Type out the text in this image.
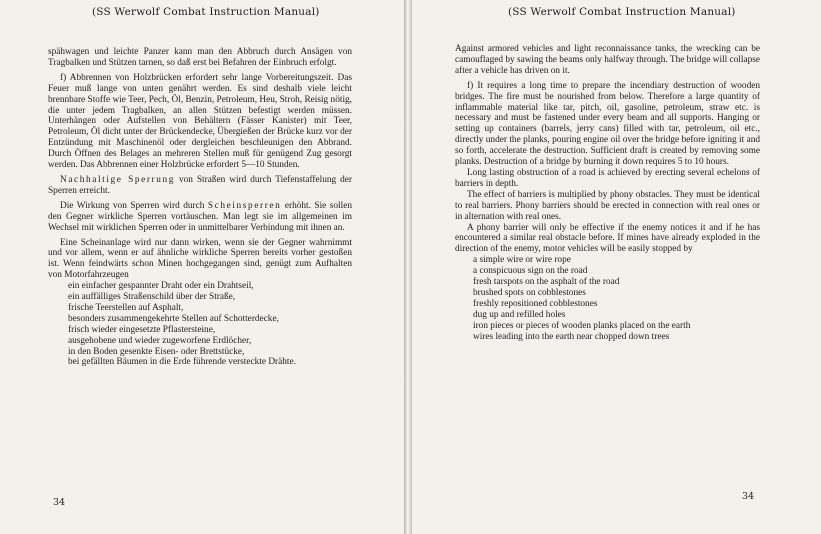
(SS Werwolf Combat Instruction Manual)

spähwagen und leichte Panzer kann man den Abbruch durch Ansägen von Tragbalken und Stützen tarnen, so daß erst bei Befahren der Einbruch erfolgt.

f) Abbrennen von Holzbrücken erfordert sehr lange Vorbereitungszeit. Das Feuer muß lange von unten genährt werden. Es sind deshalb viele leicht brennbare Stoffe wie Teer, Pech, Öl, Benzin, Petroleum, Heu, Stroh, Reisig nötig, die unter jedem Tragbalken, an allen Stützen befestigt werden müssen. Unterhängen oder Aufstellen von Behältern (Fässer Kanister) mit Teer, Petroleum, Öl dicht unter der Brückendecke, Übergießen der Brücke kurz vor der Entzündung mit Maschinenöl oder dergleichen beschleunigen den Abbrand. Durch Öffnen des Belages an mehreren Stellen muß für genügend Zug gesorgt werden. Das Abbrennen einer Holzbrücke erfordert 5—10 Stunden.

Nachhaltige Sperrung von Straßen wird durch Tiefenstaffelung der Sperren erreicht.

Die Wirkung von Sperren wird durch Scheinsperren erhöht. Sie sollen den Gegner wirkliche Sperren vortäuschen. Man legt sie im allgemeinen im Wechsel mit wirklichen Sperren oder in unmittelbarer Verbindung mit ihnen an.

Eine Scheinanlage wird nur dann wirken, wenn sie der Gegner wahrnimmt und vor allem, wenn er auf ähnliche wirkliche Sperren bereits vorher gestoßen ist. Wenn feindwärts schon Minen hochgegangen sind, genügt zum Aufhalten von Motorfahrzeugen

ein einfacher gespannter Draht oder ein Drahtseil,
ein auffälliges Straßenschild über der Straße,
frische Teerstellen auf Asphalt,
besonders zusammengekehrte Stellen auf Schotterdecke,
frisch wieder eingesetzte Pflastersteine,
ausgehobene und wieder zugeworfene Erdlöcher,
in den Boden gesenkte Eisen- oder Brettstücke,
bei gefällten Bäumen in die Erde führende versteckte Drähte.
34
(SS Werwolf Combat Instruction Manual)

Against armored vehicles and light reconnaissance tanks, the wrecking can be camouflaged by sawing the beams only halfway through. The bridge will collapse after a vehicle has driven on it.

f) It requires a long time to prepare the incendiary destruction of wooden bridges. The fire must be nourished from below. Therefore a large quantity of inflammable material like tar, pitch, oil, gasoline, petroleum, straw etc. is necessary and must be fastened under every beam and all supports. Hanging or setting up containers (barrels, jerry cans) filled with tar, petroleum, oil etc., directly under the planks, pouring engine oil over the bridge before igniting it and so forth, accelerate the destruction. Sufficient draft is created by removing some planks. Destruction of a bridge by burning it down requires 5 to 10 hours.

Long lasting obstruction of a road is achieved by erecting several echelons of barriers in depth.

The effect of barriers is multiplied by phony obstacles. They must be identical to real barriers. Phony barriers should be erected in connection with real ones or in alternation with real ones.

A phony barrier will only be effective if the enemy notices it and if he has encountered a similar real obstacle before. If mines have already exploded in the direction of the enemy, motor vehicles will be easily stopped by

a simple wire or wire rope
a conspicuous sign on the road
fresh tarspots on the asphalt of the road
brushed spots on cobblestones
freshly repositioned cobblestones
dug up and refilled holes
iron pieces or pieces of wooden planks placed on the earth
wires leading into the earth near chopped down trees
34
